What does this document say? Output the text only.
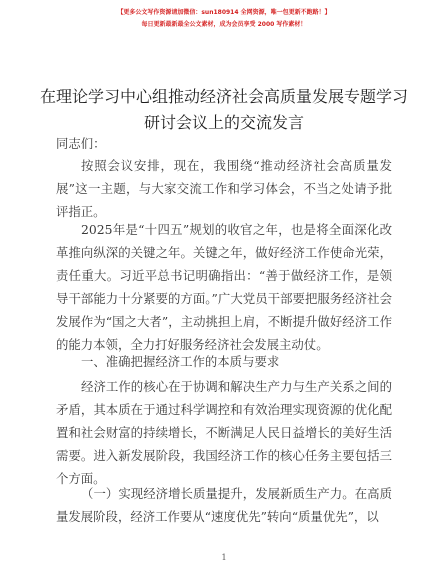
【更多公文写作资源请加微信：sun180914 全网资源，唯一包更新不跑路！】
每日更新最新最全公文素材，成为会员享受 2000 写作素材！
在理论学习中心组推动经济社会高质量发展专题学习研讨会议上的交流发言

同志们：

按照会议安排，现在，我围绕“推动经济社会高质量发展”这一主题，与大家交流工作和学习体会，不当之处请予批评指正。

2025年是“十四五”规划的收官之年，也是将全面深化改革推向纵深的关键之年。关键之年，做好经济工作使命光荣，责任重大。习近平总书记明确指出：“善于做经济工作，是领导干部能力十分紧要的方面。”广大党员干部要把服务经济社会发展作为“国之大者”，主动挑担上肩，不断提升做好经济工作的能力本领，全力打好服务经济社会发展主动仗。

一、准确把握经济工作的本质与要求

经济工作的核心在于协调和解决生产力与生产关系之间的矛盾，其本质在于通过科学调控和有效治理实现资源的优化配置和社会财富的持续增长，不断满足人民日益增长的美好生活需要。进入新发展阶段，我国经济工作的核心任务主要包括三个方面。

（一）实现经济增长质量提升，发展新质生产力。在高质量发展阶段，经济工作要从“速度优先”转向“质量优先”，以

1
